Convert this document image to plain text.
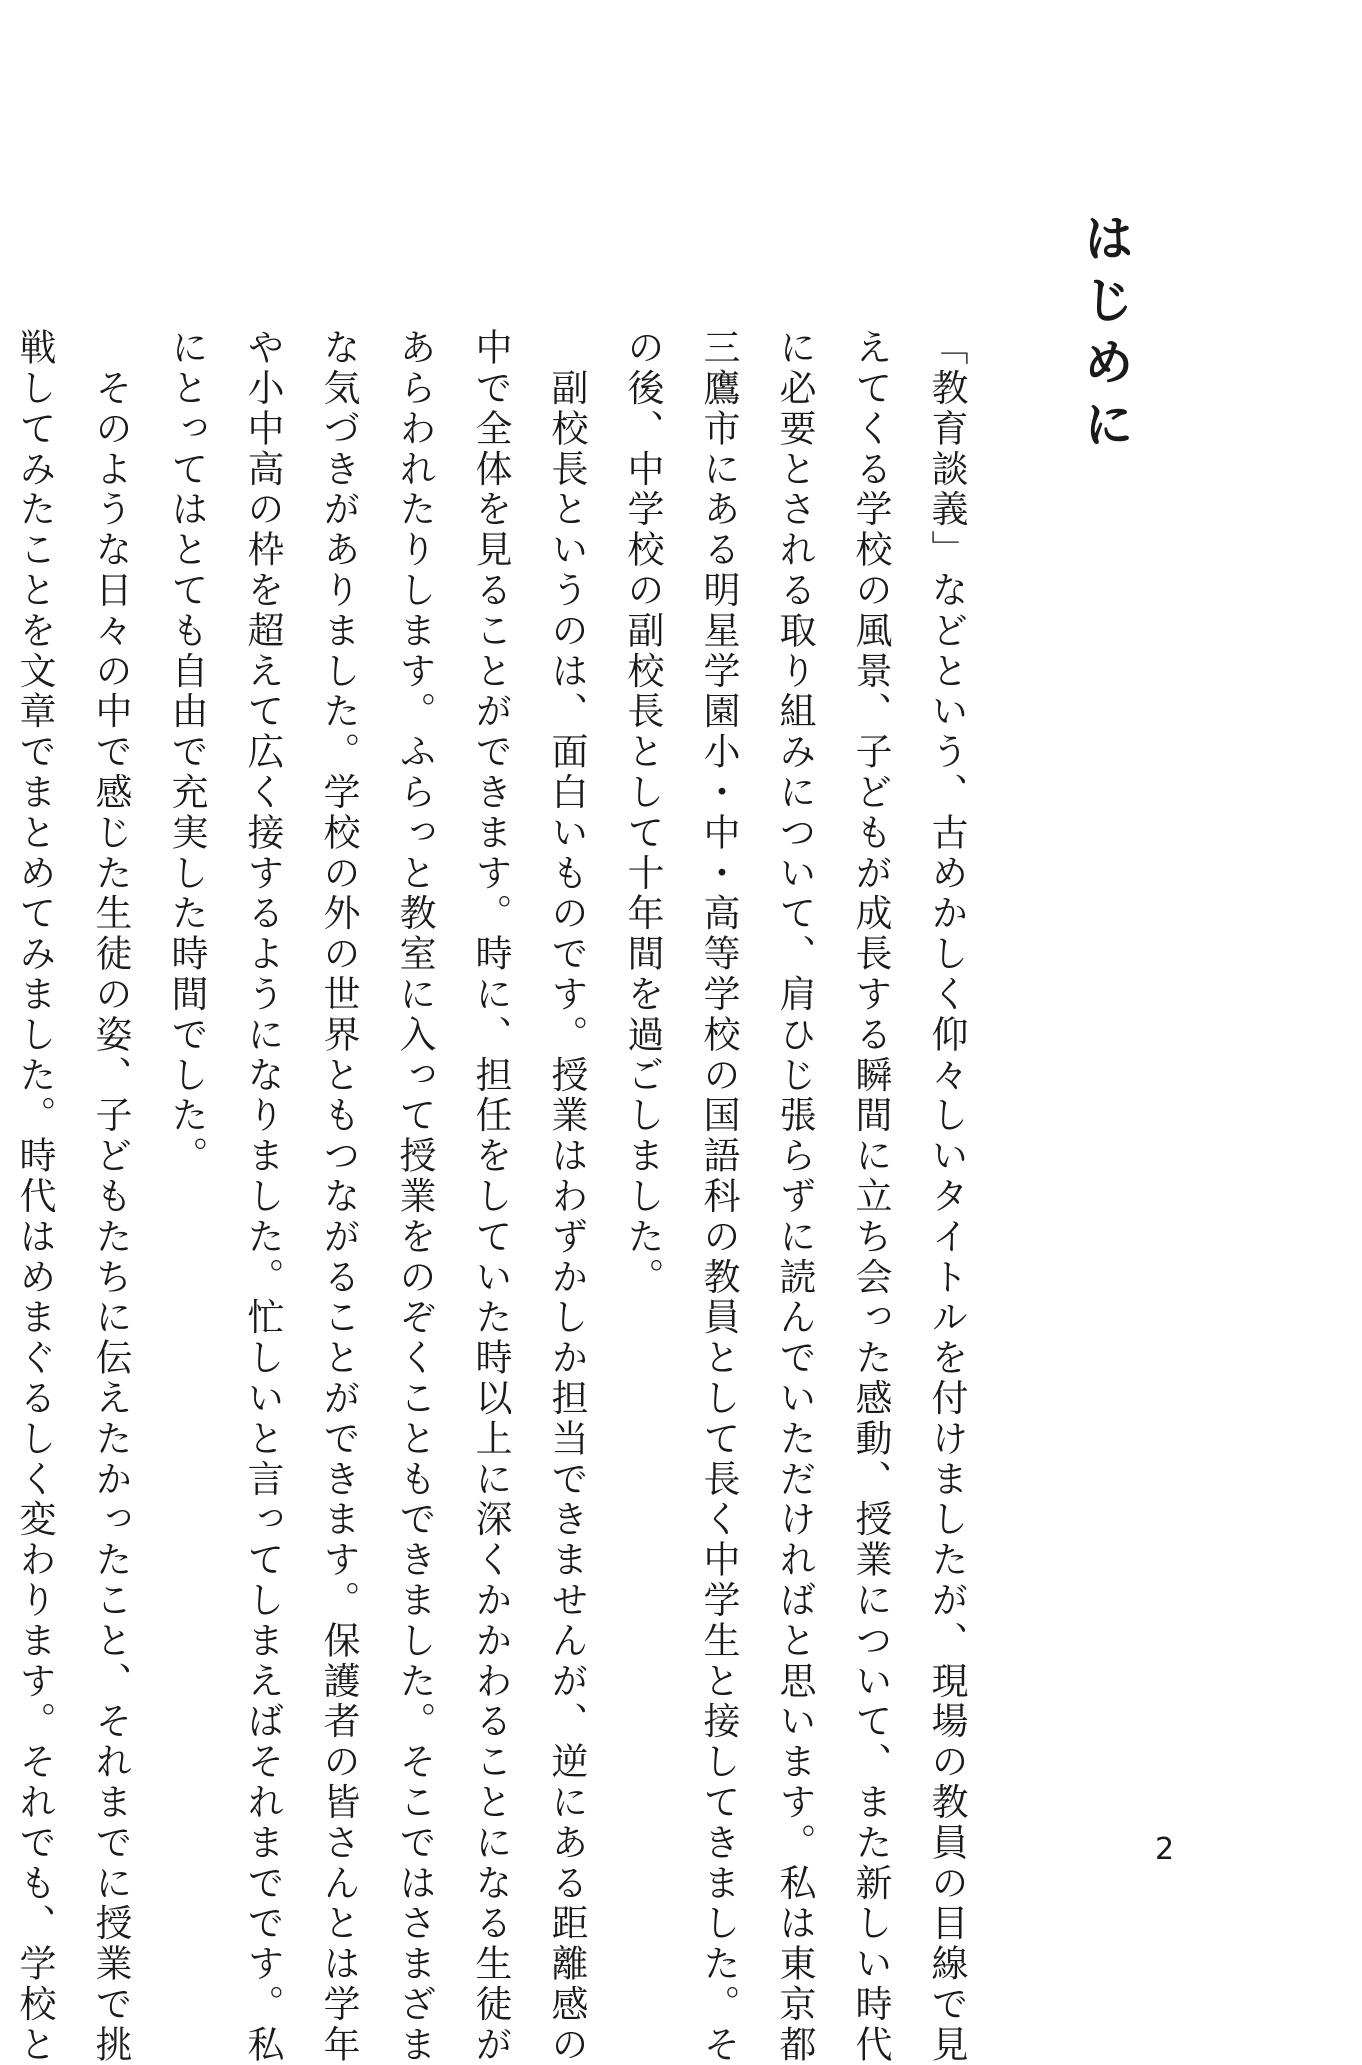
はじめに
「教育談義」などという、古めかしく仰々しいタイトルを付けましたが、現場の教員の目線で見
えてくる学校の風景、子どもが成長する瞬間に立ち会った感動、授業について、また新しい時代
に必要とされる取り組みについて、肩ひじ張らずに読んでいただければと思います。私は東京都
三鷹市にある明星学園小・中・高等学校の国語科の教員として長く中学生と接してきました。そ
の後、中学校の副校長として十年間を過ごしました。
　副校長というのは、面白いものです。授業はわずかしか担当できませんが、逆にある距離感の
中で全体を見ることができます。時に、担任をしていた時以上に深くかかわることになる生徒が
あらわれたりします。ふらっと教室に入って授業をのぞくこともできました。そこではさまざま
な気づきがありました。学校の外の世界ともつながることができます。保護者の皆さんとは学年
や小中高の枠を超えて広く接するようになりました。忙しいと言ってしまえばそれまでです。私
にとってはとても自由で充実した時間でした。
　そのような日々の中で感じた生徒の姿、子どもたちに伝えたかったこと、それまでに授業で挑
戦してみたことを文章でまとめてみました。時代はめまぐるしく変わります。それでも、学校と	2
